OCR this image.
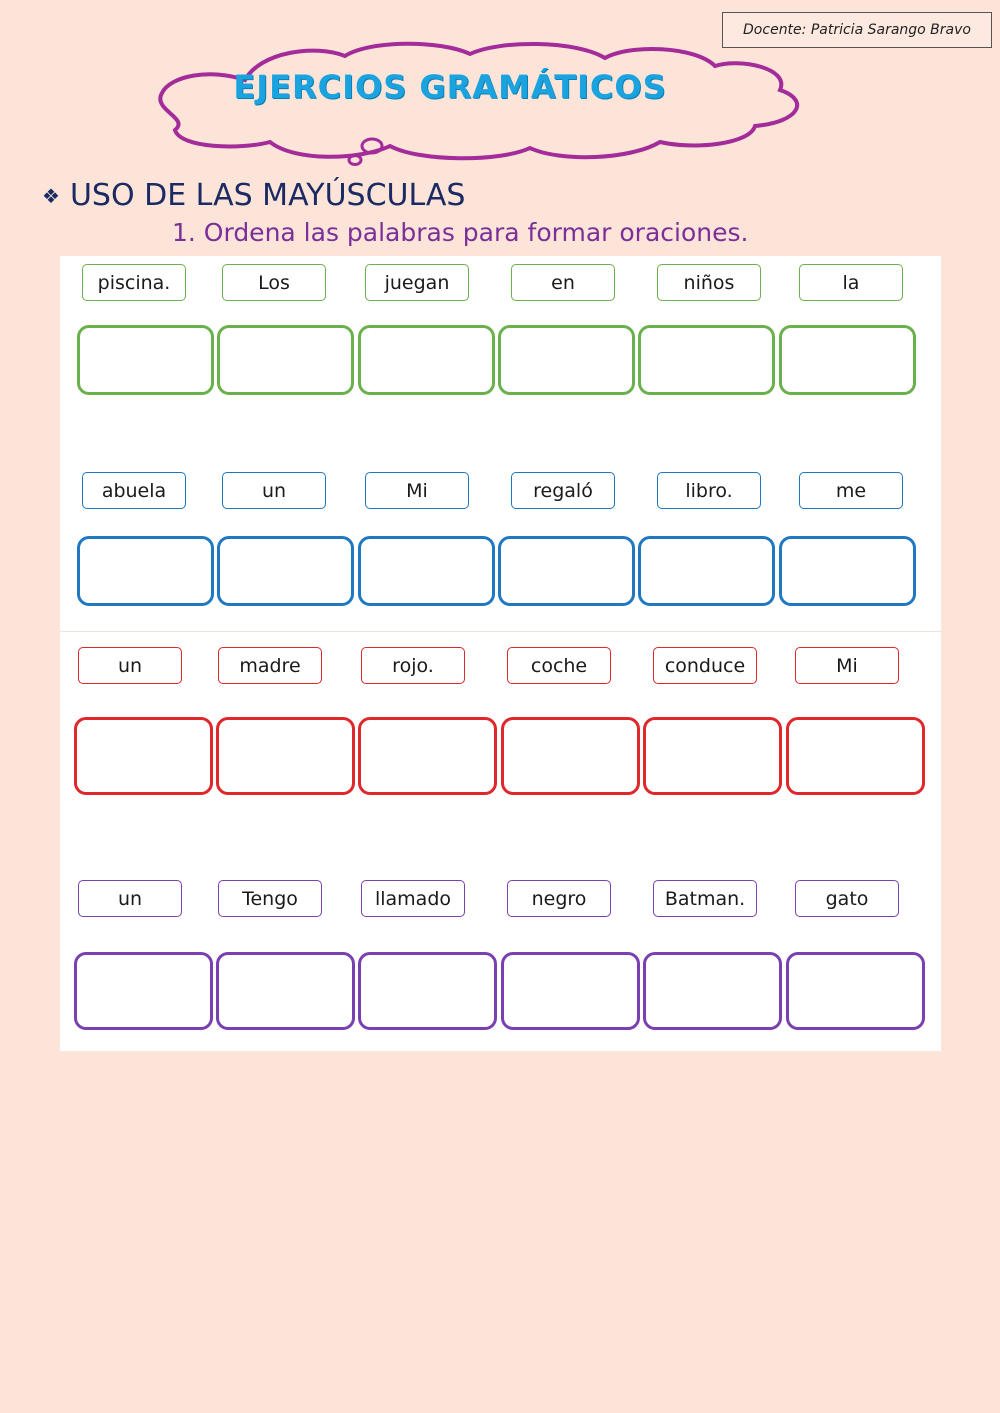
Docente: Patricia Sarango Bravo
EJERCIOS GRAMÁTICOS
❖ USO DE LAS MAYÚSCULAS
1. Ordena las palabras para formar oraciones.
piscina.	Los	juegan	en	niños	la
abuela	un	Mi	regaló	libro.	me
un	madre	rojo.	coche	conduce	Mi
un	Tengo	llamado	negro	Batman.	gato
